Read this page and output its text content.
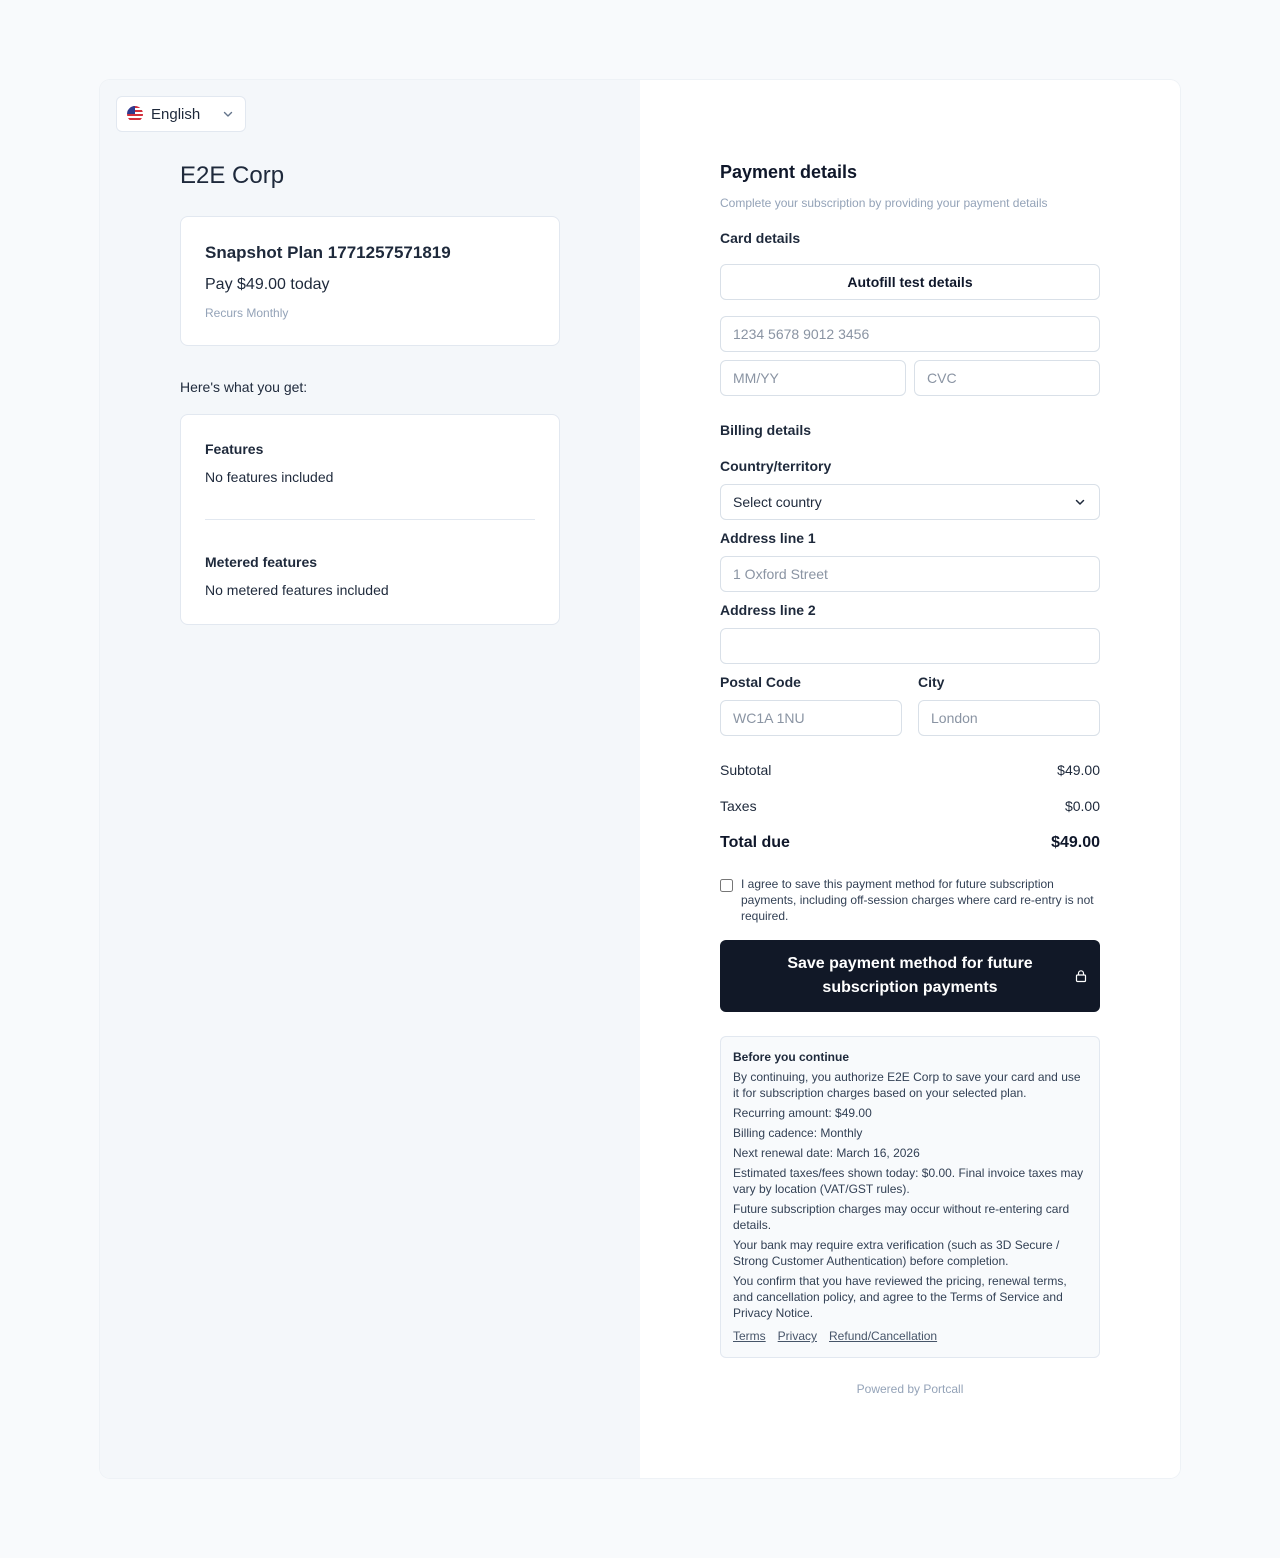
English
E2E Corp
Snapshot Plan 1771257571819
Pay $49.00 today
Recurs Monthly
Here's what you get:
Features
No features included
Metered features
No metered features included
Payment details
Complete your subscription by providing your payment details
Card details
Autofill test details
1234 5678 9012 3456
MM/YY
CVC
Billing details
Country/territory
Select country
Address line 1
1 Oxford Street
Address line 2
Postal Code	City
WC1A 1NU
London
Subtotal	$49.00
Taxes	$0.00
Total due	$49.00
I agree to save this payment method for future subscription payments, including off-session charges where card re-entry is not required.
Save payment method for future subscription payments
Before you continue

By continuing, you authorize E2E Corp to save your card and use it for subscription charges based on your selected plan.

Recurring amount: $49.00

Billing cadence: Monthly

Next renewal date: March 16, 2026

Estimated taxes/fees shown today: $0.00. Final invoice taxes may vary by location (VAT/GST rules).

Future subscription charges may occur without re-entering card details.

Your bank may require extra verification (such as 3D Secure / Strong Customer Authentication) before completion.

You confirm that you have reviewed the pricing, renewal terms, and cancellation policy, and agree to the Terms of Service and Privacy Notice.

Terms Privacy Refund/Cancellation
Powered by Portcall
